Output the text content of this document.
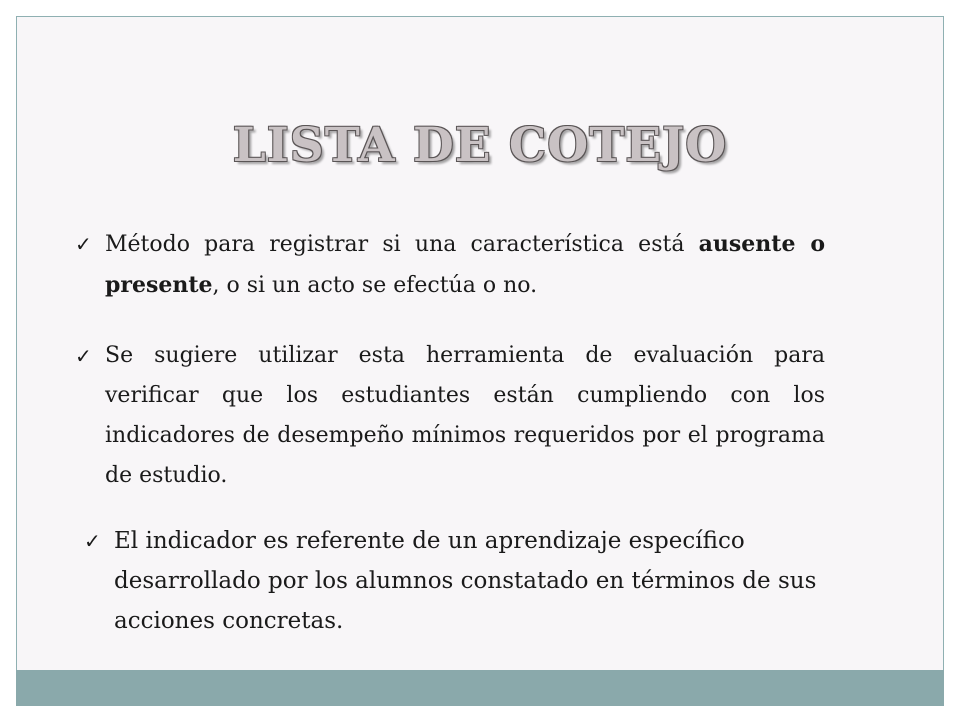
LISTA DE COTEJO
✓ Método para registrar si una característica está ausente o presente, o si un acto se efectúa o no.
✓ Se sugiere utilizar esta herramienta de evaluación para verificar que los estudiantes están cumpliendo con los indicadores de desempeño mínimos requeridos por el programa de estudio.
✓ El indicador es referente de un aprendizaje específico desarrollado por los alumnos constatado en términos de sus acciones concretas.
